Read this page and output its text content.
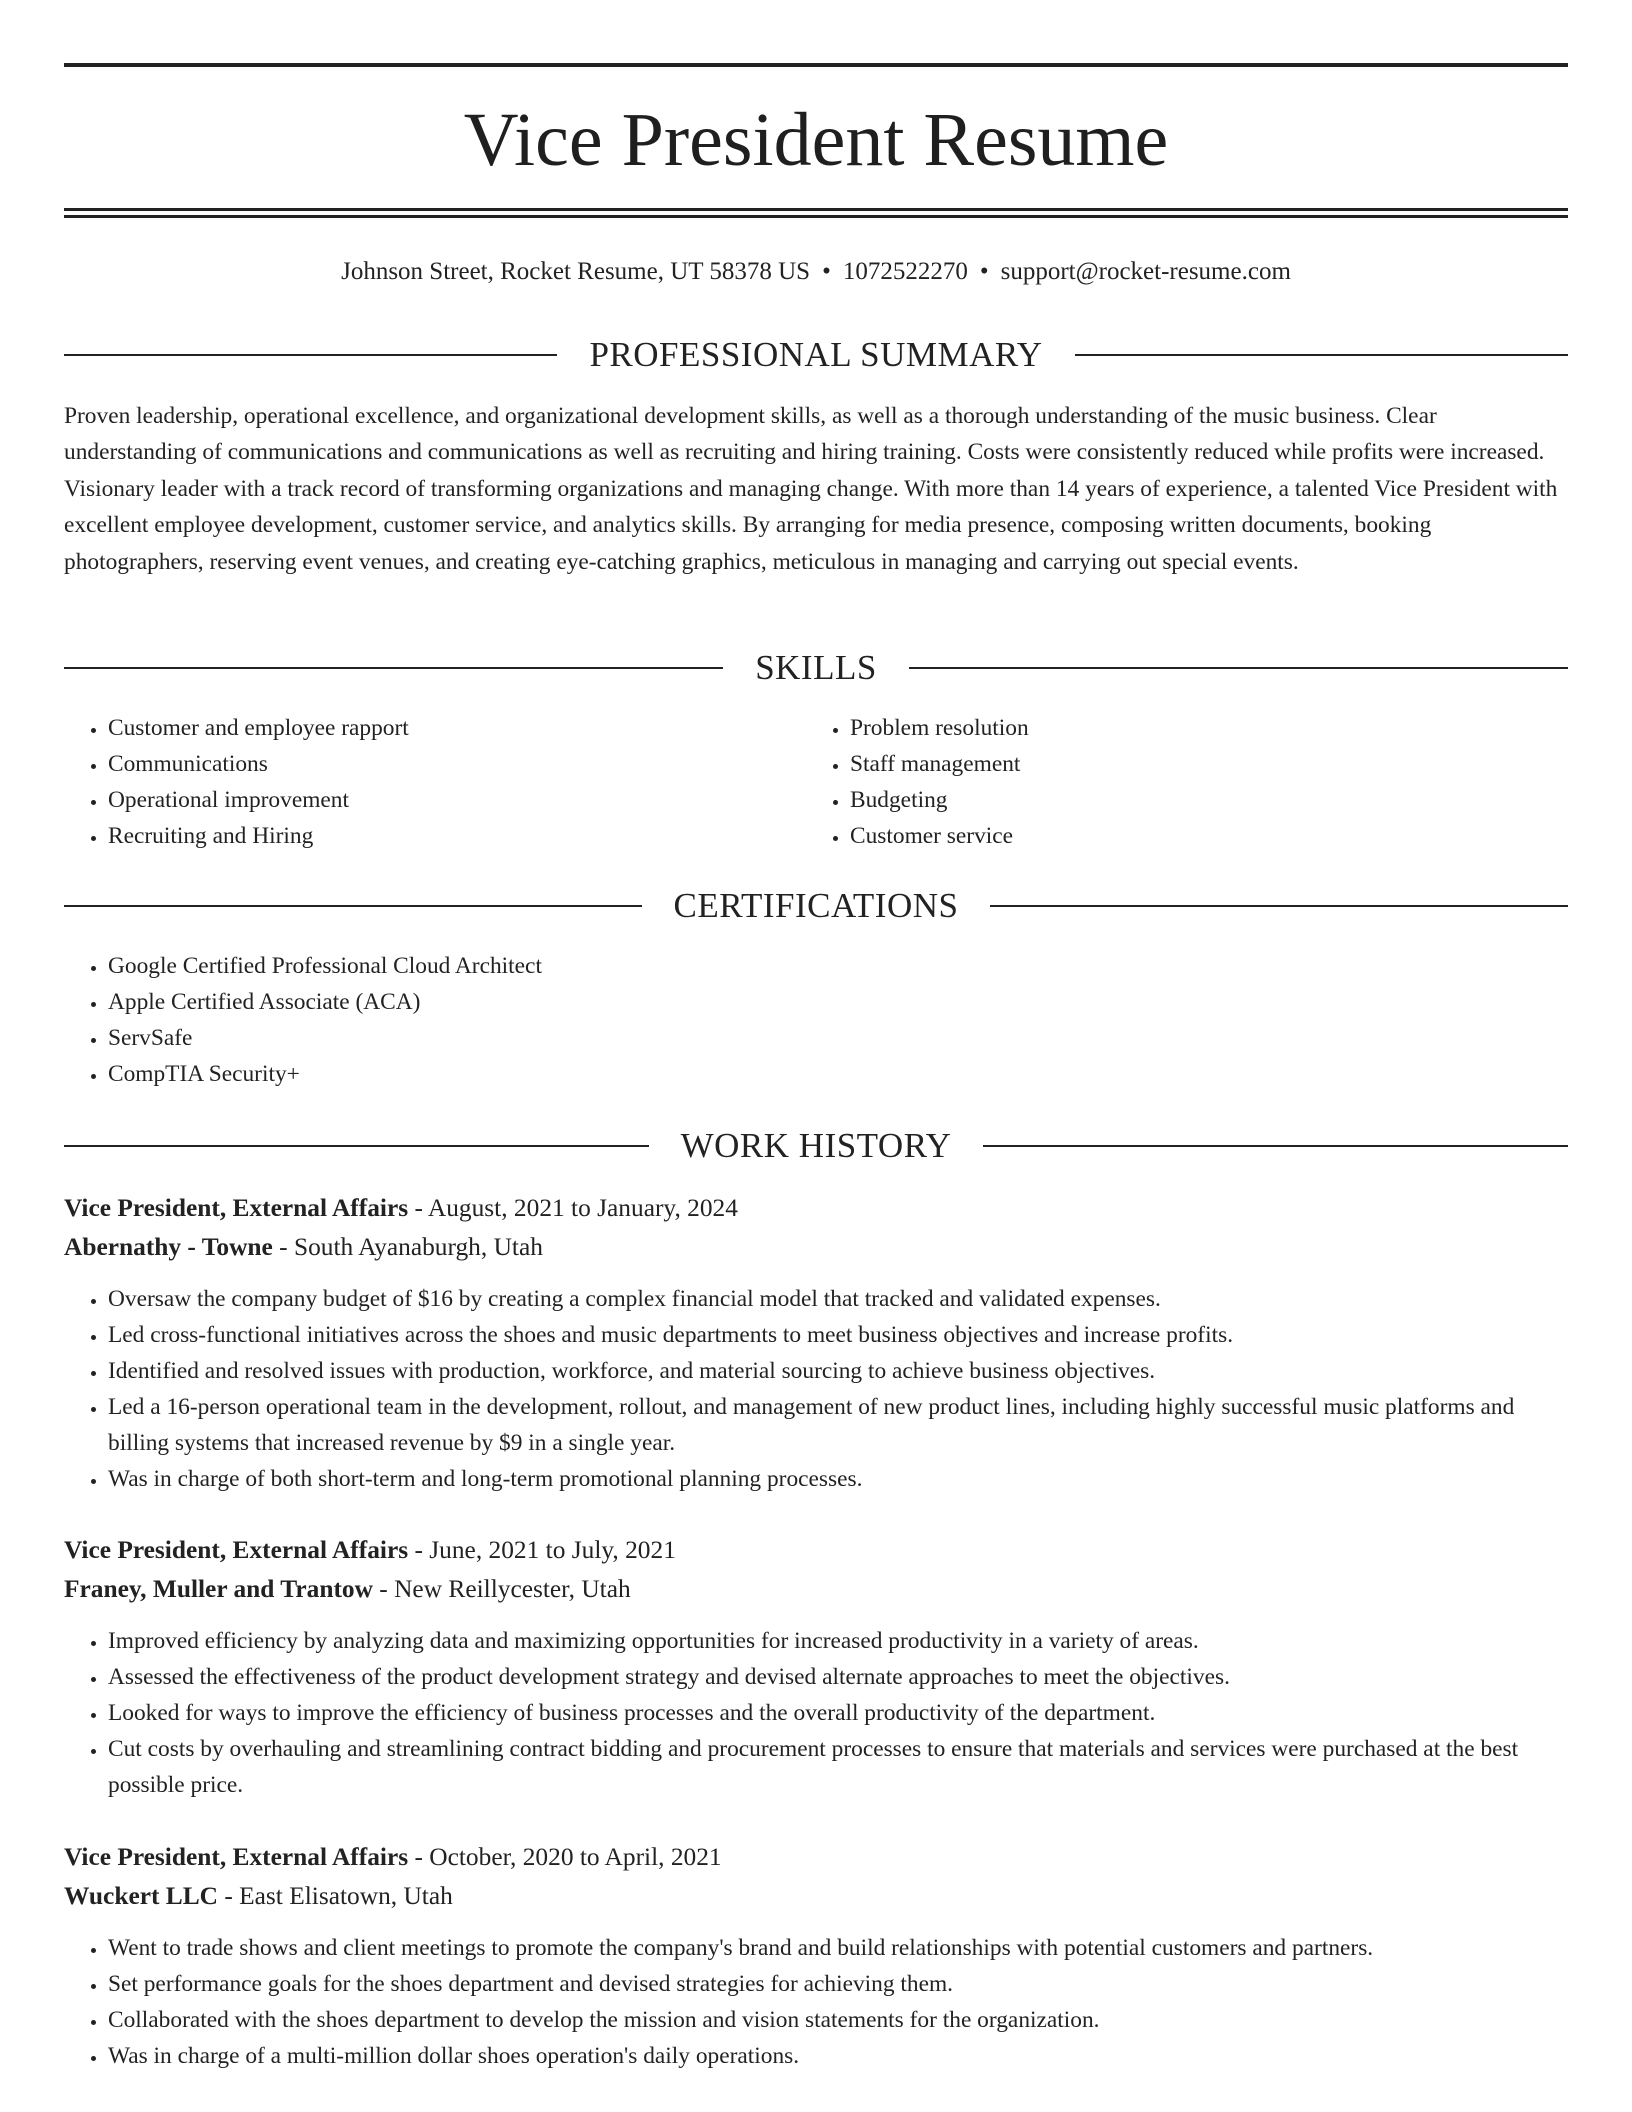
Vice President Resume
Johnson Street, Rocket Resume, UT 58378 US • 1072522270 • support@rocket-resume.com
PROFESSIONAL SUMMARY

Proven leadership, operational excellence, and organizational development skills, as well as a thorough understanding of the music business. Clear understanding of communications and communications as well as recruiting and hiring training. Costs were consistently reduced while profits were increased. Visionary leader with a track record of transforming organizations and managing change. With more than 14 years of experience, a talented Vice President with excellent employee development, customer service, and analytics skills. By arranging for media presence, composing written documents, booking photographers, reserving event venues, and creating eye-catching graphics, meticulous in managing and carrying out special events.

SKILLS
• Customer and employee rapport
• Communications
• Operational improvement
• Recruiting and Hiring
• Problem resolution
• Staff management
• Budgeting
• Customer service
CERTIFICATIONS
• Google Certified Professional Cloud Architect
• Apple Certified Associate (ACA)
• ServSafe
• CompTIA Security+
WORK HISTORY
Vice President, External Affairs - August, 2021 to January, 2024
Abernathy - Towne - South Ayanaburgh, Utah
• Oversaw the company budget of $16 by creating a complex financial model that tracked and validated expenses.
• Led cross-functional initiatives across the shoes and music departments to meet business objectives and increase profits.
• Identified and resolved issues with production, workforce, and material sourcing to achieve business objectives.
• Led a 16-person operational team in the development, rollout, and management of new product lines, including highly successful music platforms and billing systems that increased revenue by $9 in a single year.
• Was in charge of both short-term and long-term promotional planning processes.
Vice President, External Affairs - June, 2021 to July, 2021
Franey, Muller and Trantow - New Reillycester, Utah
• Improved efficiency by analyzing data and maximizing opportunities for increased productivity in a variety of areas.
• Assessed the effectiveness of the product development strategy and devised alternate approaches to meet the objectives.
• Looked for ways to improve the efficiency of business processes and the overall productivity of the department.
• Cut costs by overhauling and streamlining contract bidding and procurement processes to ensure that materials and services were purchased at the best possible price.
Vice President, External Affairs - October, 2020 to April, 2021
Wuckert LLC - East Elisatown, Utah
• Went to trade shows and client meetings to promote the company's brand and build relationships with potential customers and partners.
• Set performance goals for the shoes department and devised strategies for achieving them.
• Collaborated with the shoes department to develop the mission and vision statements for the organization.
• Was in charge of a multi-million dollar shoes operation's daily operations.
